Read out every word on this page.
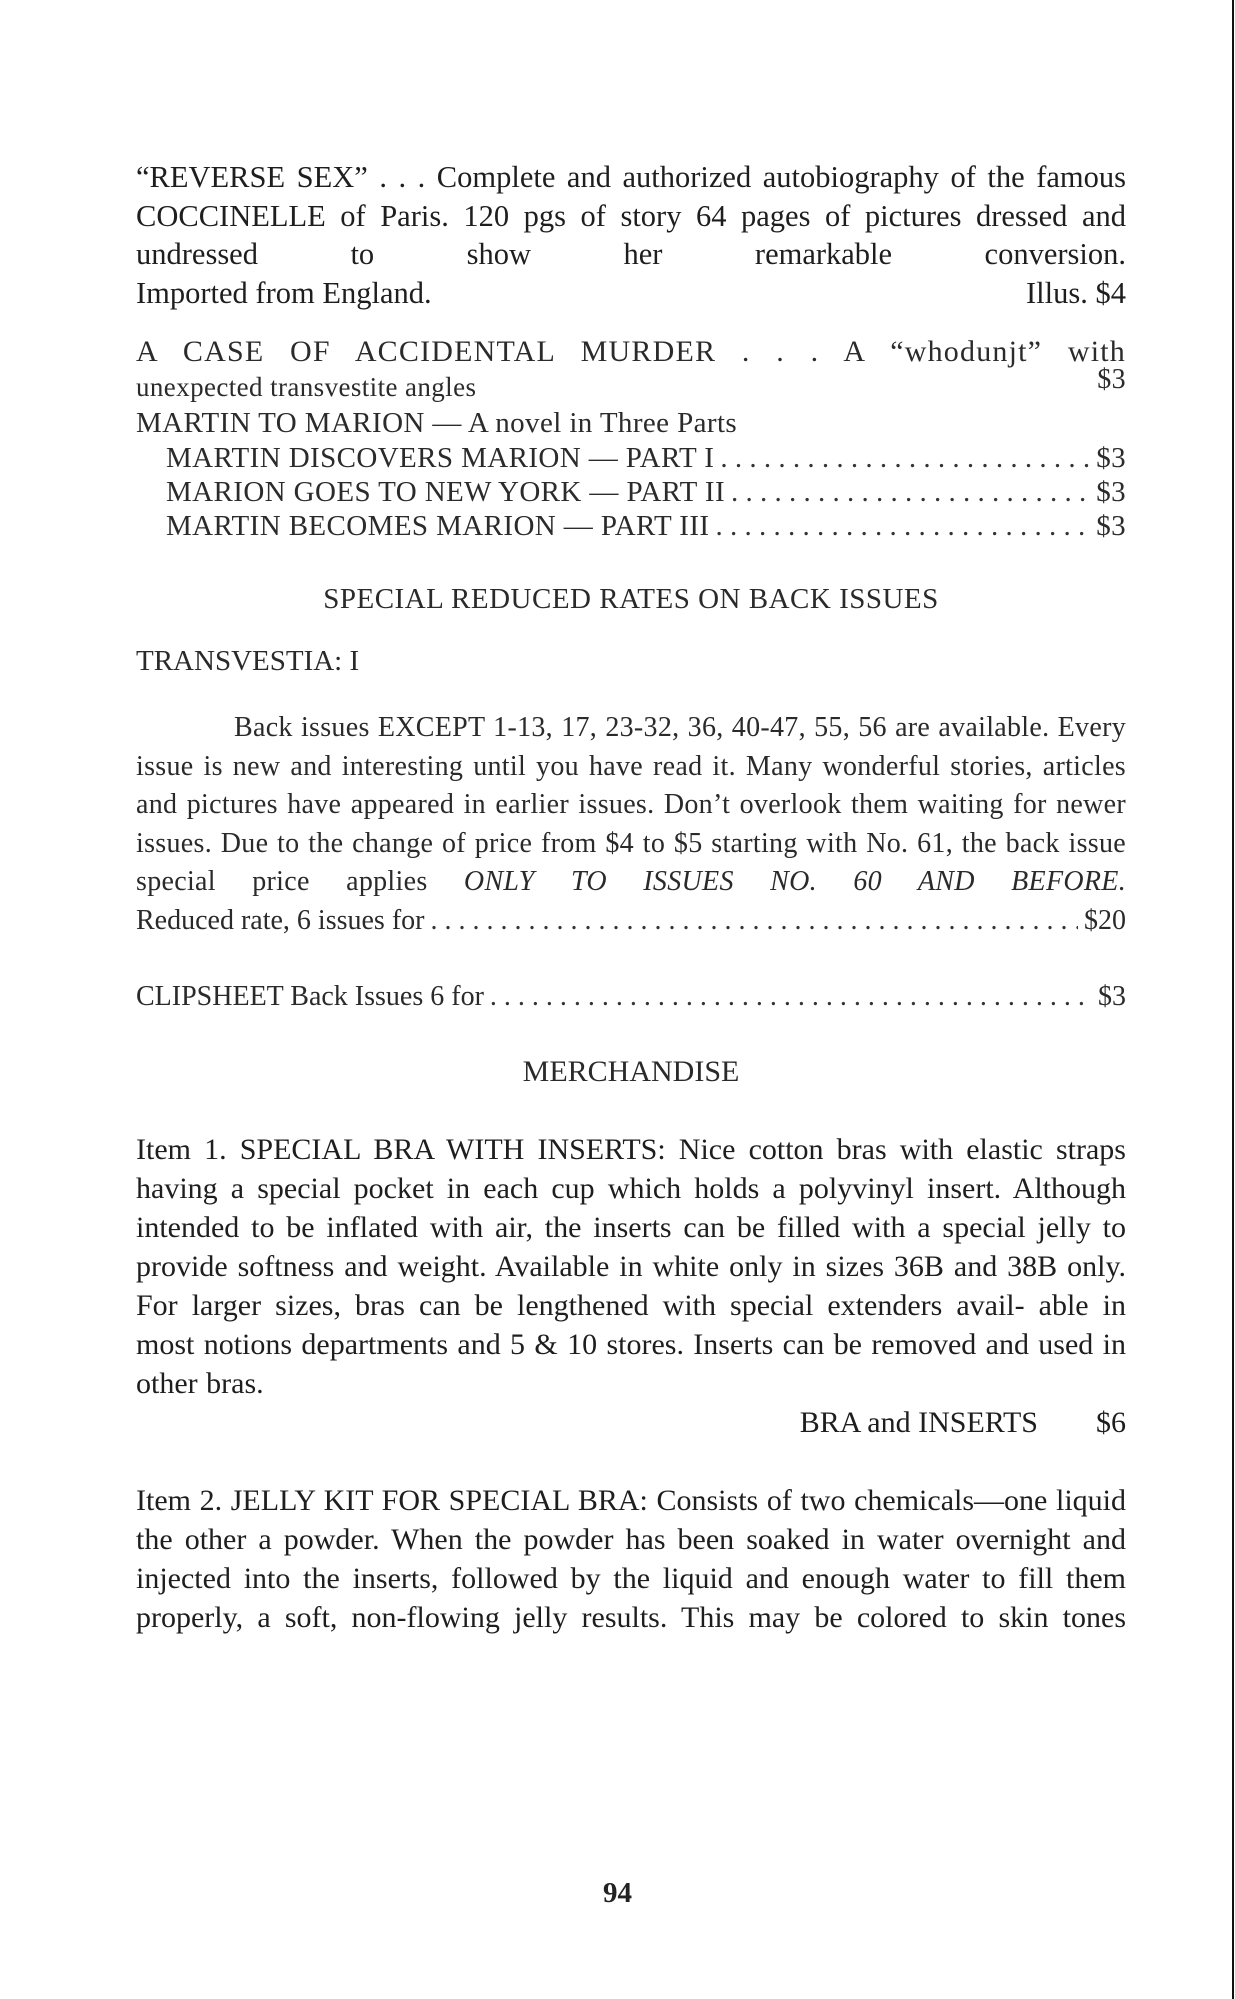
“REVERSE SEX” . . . Complete and authorized autobiography of the famous COCCINELLE of Paris. 120 pgs of story 64 pages of pictures dressed and undressed to show her remarkable conversion.

Imported from England.	Illus. $4
A CASE OF ACCIDENTAL MURDER . . . A “whodunjt” with
unexpected transvestite angles	$3
MARTIN TO MARION — A novel in Three Parts
MARTIN DISCOVERS MARION — PART I . . .	$3
MARION GOES TO NEW YORK — PART II . . .	$3
MARTIN BECOMES MARION — PART III . . .	$3
SPECIAL REDUCED RATES ON BACK ISSUES
TRANSVESTIA: I

Back issues EXCEPT 1-13, 17, 23-32, 36, 40-47, 55, 56 are available. Every issue is new and interesting until you have read it. Many wonderful stories, articles and pictures have appeared in earlier issues. Don’t overlook them waiting for newer issues. Due to the change of price from $4 to $5 starting with No. 61, the back issue special price applies ONLY TO ISSUES NO. 60 AND BEFORE.

Reduced rate, 6 issues for . . .	$20
CLIPSHEET Back Issues 6 for . . .	$3
MERCHANDISE

Item 1. SPECIAL BRA WITH INSERTS: Nice cotton bras with elastic straps having a special pocket in each cup which holds a polyvinyl insert. Although intended to be inflated with air, the inserts can be filled with a special jelly to provide softness and weight. Available in white only in sizes 36B and 38B only. For larger sizes, bras can be lengthened with special extenders avail- able in most notions departments and 5 & 10 stores. Inserts can be removed and used in other bras.

BRA and INSERTS $6

Item 2. JELLY KIT FOR SPECIAL BRA: Consists of two chemicals—one liquid the other a powder. When the powder has been soaked in water overnight and injected into the inserts, followed by the liquid and enough water to fill them properly, a soft, non-flowing jelly results. This may be colored to skin tones

94
